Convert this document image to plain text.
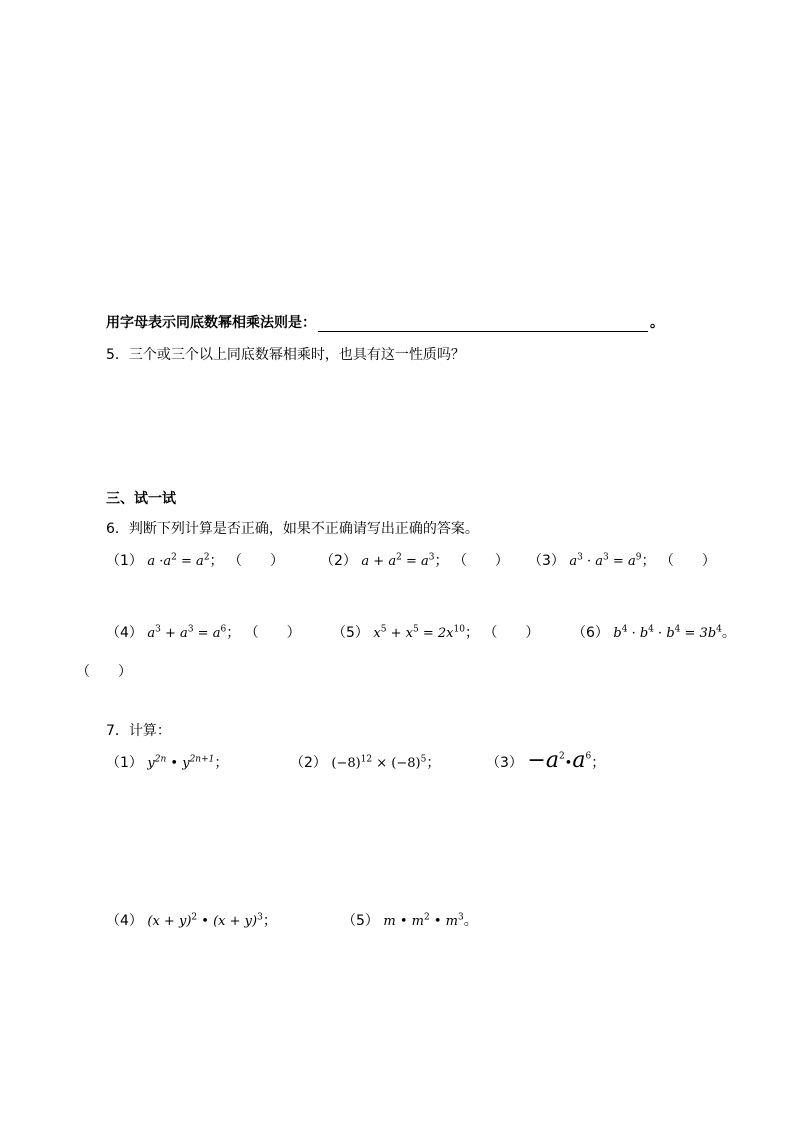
用字母表示同底数幂相乘法则是：	。
5．三个或三个以上同底数幂相乘时，也具有这一性质吗？
三、试一试
6．判断下列计算是否正确，如果不正确请写出正确的答案。
（1） $a \cdot a^2 = a^2$； （　　）	（2） $a + a^2 = a^3$； （　　） （3） $a^3 \cdot a^3 = a^9$； （　　）
（4） $a^3 + a^3 = a^6$； （　　） （5） $x^5 + x^5 = 2x^{10}$； （　　） （6） $b^4 \cdot b^4 \cdot b^4 = 3b^4$。
（　　）
7．计算：
（1） $y^{2n}$ • $y^{2n+1}$；	（2） $(-8)^{12} \times (-8)^5$；	$(3) -a^2•a^6$；
（4） $(x + y)^2$ • $(x + y)^3$；	（5） m • $m^2$ • $m^3$。
